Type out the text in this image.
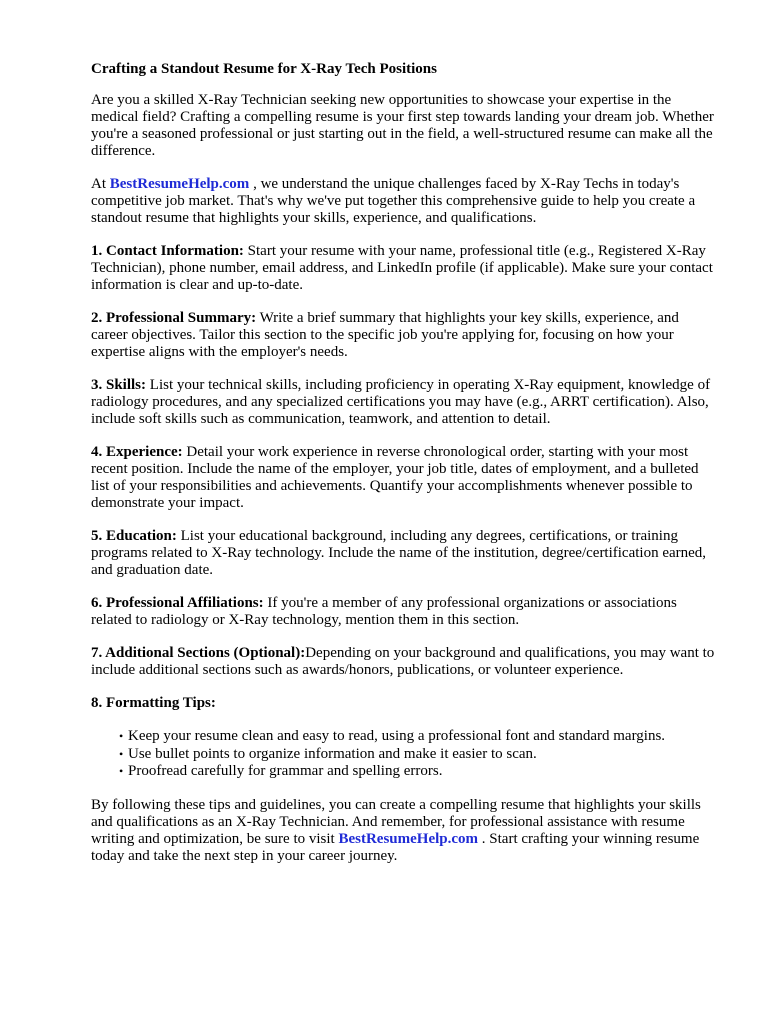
Crafting a Standout Resume for X-Ray Tech Positions

Are you a skilled X-Ray Technician seeking new opportunities to showcase your expertise in the medical field? Crafting a compelling resume is your first step towards landing your dream job. Whether you're a seasoned professional or just starting out in the field, a well-structured resume can make all the difference.

At BestResumeHelp.com , we understand the unique challenges faced by X-Ray Techs in today's competitive job market. That's why we've put together this comprehensive guide to help you create a standout resume that highlights your skills, experience, and qualifications.

1. Contact Information: Start your resume with your name, professional title (e.g., Registered X-Ray Technician), phone number, email address, and LinkedIn profile (if applicable). Make sure your contact information is clear and up-to-date.

2. Professional Summary: Write a brief summary that highlights your key skills, experience, and career objectives. Tailor this section to the specific job you're applying for, focusing on how your expertise aligns with the employer's needs.

3. Skills: List your technical skills, including proficiency in operating X-Ray equipment, knowledge of radiology procedures, and any specialized certifications you may have (e.g., ARRT certification). Also, include soft skills such as communication, teamwork, and attention to detail.

4. Experience: Detail your work experience in reverse chronological order, starting with your most recent position. Include the name of the employer, your job title, dates of employment, and a bulleted list of your responsibilities and achievements. Quantify your accomplishments whenever possible to demonstrate your impact.

5. Education: List your educational background, including any degrees, certifications, or training programs related to X-Ray technology. Include the name of the institution, degree/certification earned, and graduation date.

6. Professional Affiliations: If you're a member of any professional organizations or associations related to radiology or X-Ray technology, mention them in this section.

7. Additional Sections (Optional):Depending on your background and qualifications, you may want to include additional sections such as awards/honors, publications, or volunteer experience.

8. Formatting Tips:

• Keep your resume clean and easy to read, using a professional font and standard margins.
• Use bullet points to organize information and make it easier to scan.
• Proofread carefully for grammar and spelling errors.

By following these tips and guidelines, you can create a compelling resume that highlights your skills and qualifications as an X-Ray Technician. And remember, for professional assistance with resume writing and optimization, be sure to visit BestResumeHelp.com . Start crafting your winning resume today and take the next step in your career journey.
